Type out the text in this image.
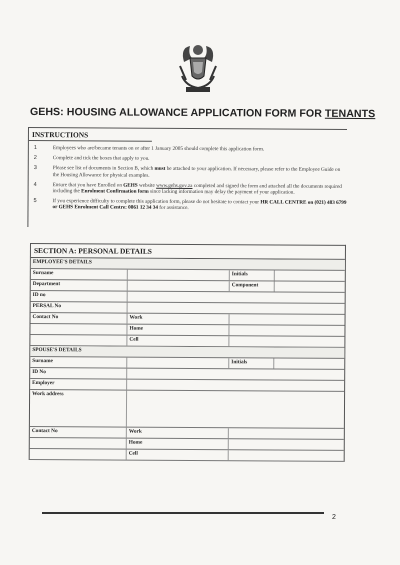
GEHS: HOUSING ALLOWANCE APPLICATION FORM FOR TENANTS
INSTRUCTIONS
1	Employees who are/became tenants on or after 1 January 2005 should complete this application form.
2	Complete and tick the boxes that apply to you.
3	Please see list of documents in Section B, which must be attached to your application. If necessary, please refer to the Employee Guide on the Housing Allowance for physical examples.
4	Ensure that you have Enrolled on GEHS website www.gehs.gov.za completed and signed the form and attached all the documents required including the Enrolment Confirmation form since lacking information may delay the payment of your application.
5	If you experience difficulty to complete this application form, please do not hesitate to contact your HR CALL CENTRE on (021) 483 6799 or GEHS Enrolment Call Centre: 0861 12 34 34 for assistance.
SECTION A: PERSONAL DETAILS
EMPLOYEE'S DETAILS
Surname	Initials
Department	Component
ID no
PERSAL No
Contact No	Work
Home
Cell
SPOUSE'S DETAILS
Surname	Initials
ID No
Employer
Work address
Contact No	Work
Home
Cell
2
